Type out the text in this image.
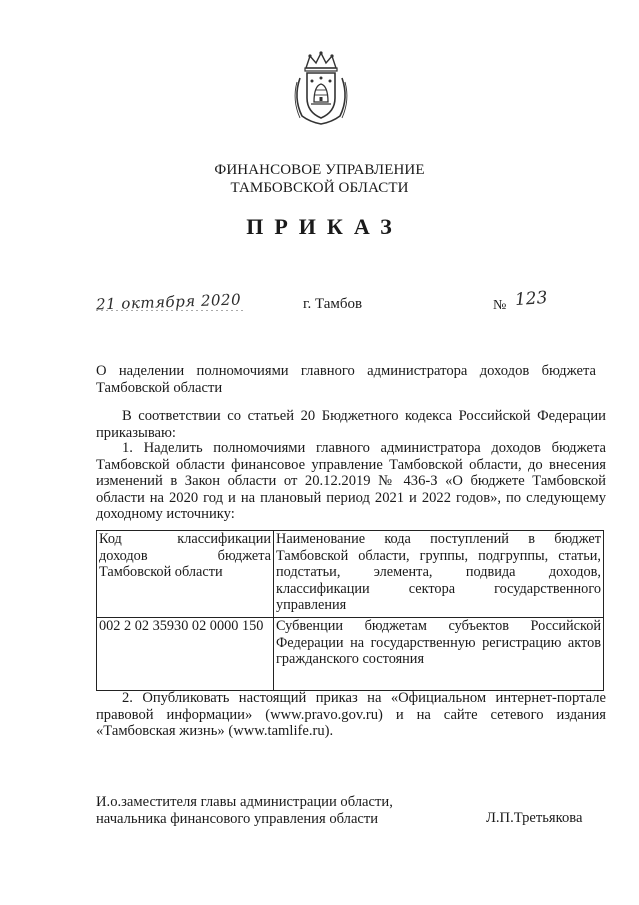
ФИНАНСОВОЕ УПРАВЛЕНИЕ
ТАМБОВСКОЙ ОБЛАСТИ
ПРИКАЗ
21 октября 2020	г. Тамбов	№ 123
О наделении полномочиями главного администратора доходов бюджета Тамбовской области
В соответствии со статьей 20 Бюджетного кодекса Российской Федерации приказываю:
1. Наделить полномочиями главного администратора доходов бюджета Тамбовской области финансовое управление Тамбовской области, до внесения изменений в Закон области от 20.12.2019 № 436-З «О бюджете Тамбовской области на 2020 год и на плановый период 2021 и 2022 годов», по следующему доходному источнику:
Код классификации доходов бюджета Тамбовской области	Наименование кода поступлений в бюджет Тамбовской области, группы, подгруппы, статьи, подстатьи, элемента, подвида доходов, классификации сектора государственного управления
002 2 02 35930 02 0000 150	Субвенции бюджетам субъектов Российской Федерации на государственную регистрацию актов гражданского состояния
2. Опубликовать настоящий приказ на «Официальном интернет-портале правовой информации» (www.pravo.gov.ru) и на сайте сетевого издания «Тамбовская жизнь» (www.tamlife.ru).
И.о.заместителя главы администрации области,
начальника финансового управления области	Л.П.Третьякова
